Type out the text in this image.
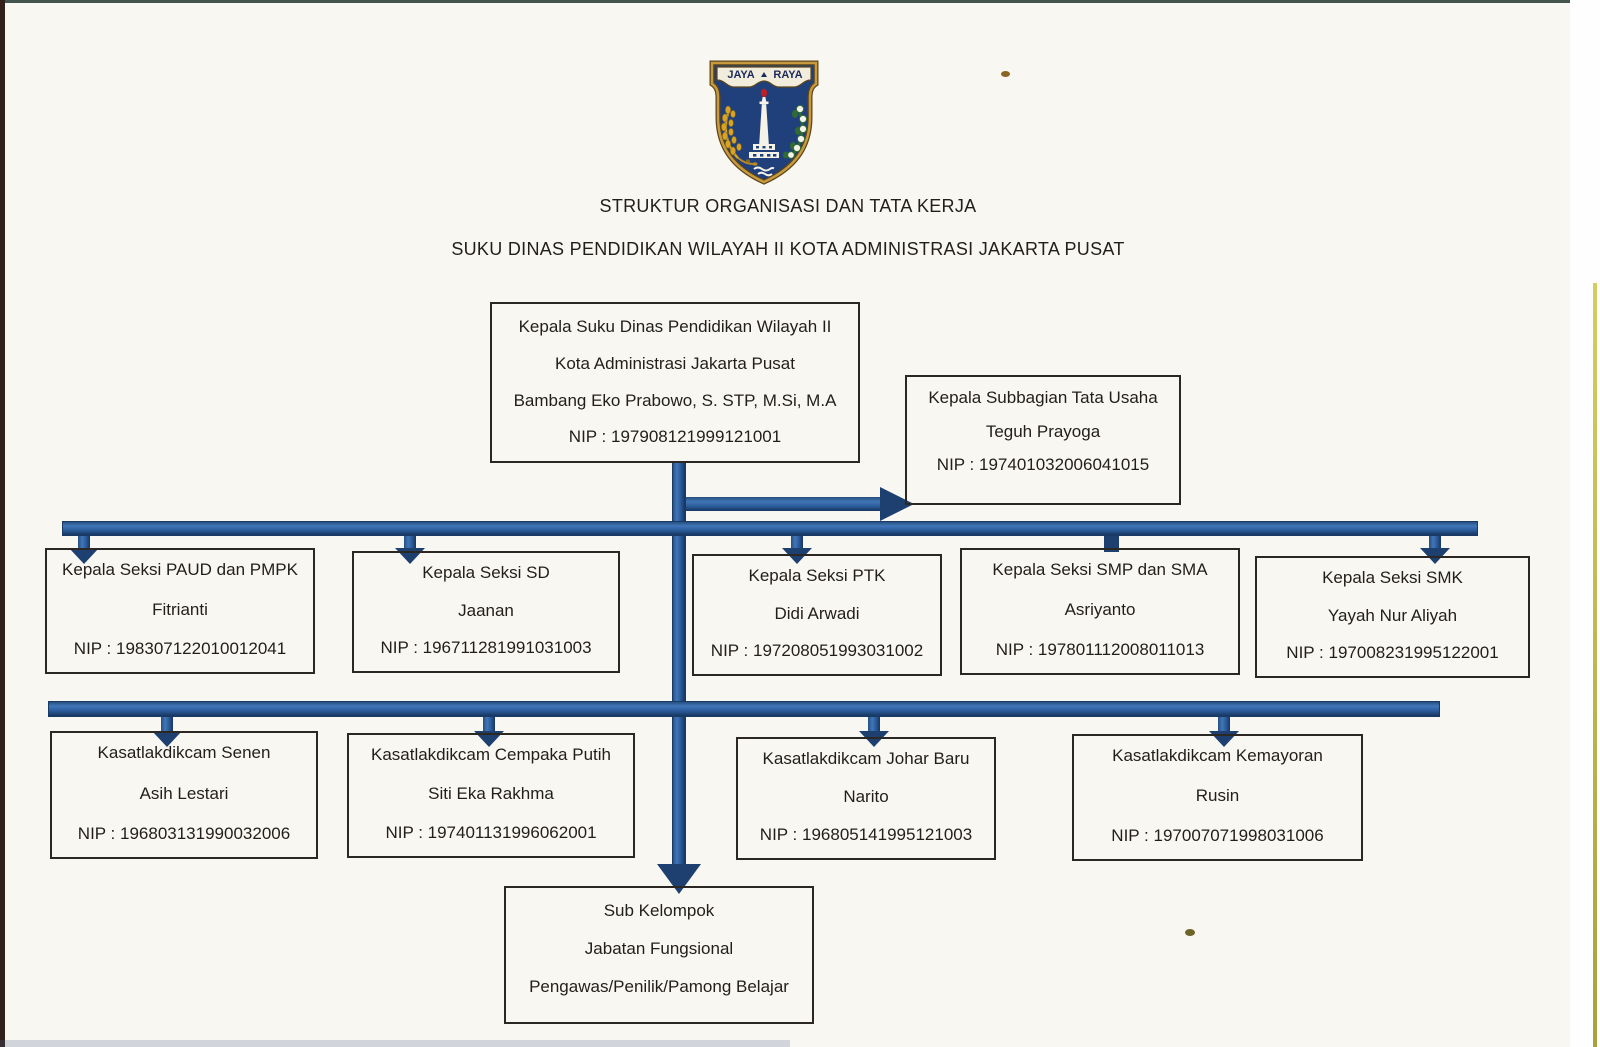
JAYA RAYA
STRUKTUR ORGANISASI DAN TATA KERJA
SUKU DINAS PENDIDIKAN WILAYAH II KOTA ADMINISTRASI JAKARTA PUSAT
Kepala Suku Dinas Pendidikan Wilayah II
Kota Administrasi Jakarta Pusat
Bambang Eko Prabowo, S. STP, M.Si, M.A
NIP : 197908121999121001
Kepala Subbagian Tata Usaha
Teguh Prayoga
NIP : 197401032006041015
Kepala Seksi PAUD dan PMPK
Fitrianti
NIP : 198307122010012041
Kepala Seksi SD
Jaanan
NIP : 196711281991031003
Kepala Seksi PTK
Didi Arwadi
NIP : 197208051993031002
Kepala Seksi SMP dan SMA
Asriyanto
NIP : 197801112008011013
Kepala Seksi SMK
Yayah Nur Aliyah
NIP : 197008231995122001
Kasatlakdikcam Senen
Asih Lestari
NIP : 196803131990032006
Kasatlakdikcam Cempaka Putih
Siti Eka Rakhma
NIP : 197401131996062001
Kasatlakdikcam Johar Baru
Narito
NIP : 196805141995121003
Kasatlakdikcam Kemayoran
Rusin
NIP : 197007071998031006
Sub Kelompok
Jabatan Fungsional
Pengawas/Penilik/Pamong Belajar
